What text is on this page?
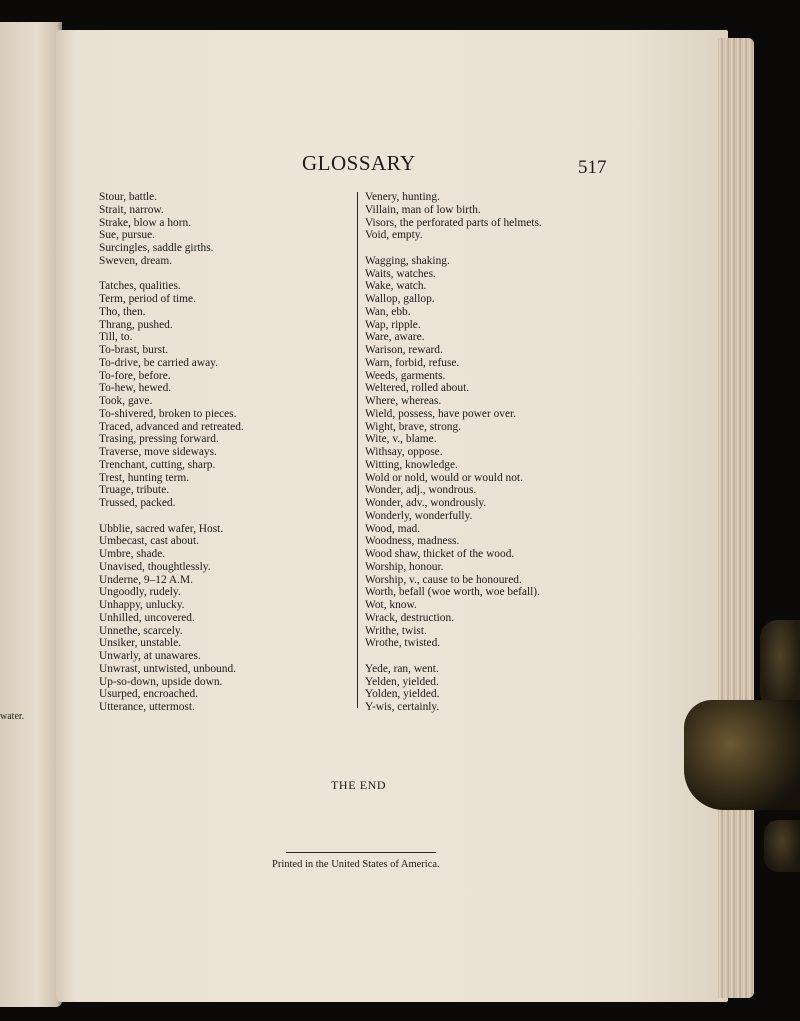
water.
GLOSSARY	517
Stour, battle.
Strait, narrow.
Strake, blow a horn.
Sue, pursue.
Surcingles, saddle girths.
Sweven, dream.
Tatches, qualities.
Term, period of time.
Tho, then.
Thrang, pushed.
Till, to.
To-brast, burst.
To-drive, be carried away.
To-fore, before.
To-hew, hewed.
Took, gave.
To-shivered, broken to pieces.
Traced, advanced and retreated.
Trasing, pressing forward.
Traverse, move sideways.
Trenchant, cutting, sharp.
Trest, hunting term.
Truage, tribute.
Trussed, packed.
Ubblie, sacred wafer, Host.
Umbecast, cast about.
Umbre, shade.
Unavised, thoughtlessly.
Underne, 9–12 A.M.
Ungoodly, rudely.
Unhappy, unlucky.
Unhilled, uncovered.
Unnethe, scarcely.
Unsiker, unstable.
Unwarly, at unawares.
Unwrast, untwisted, unbound.
Up-so-down, upside down.
Usurped, encroached.
Utterance, uttermost.
Venery, hunting.
Villain, man of low birth.
Visors, the perforated parts of helmets.
Void, empty.
Wagging, shaking.
Waits, watches.
Wake, watch.
Wallop, gallop.
Wan, ebb.
Wap, ripple.
Ware, aware.
Warison, reward.
Warn, forbid, refuse.
Weeds, garments.
Weltered, rolled about.
Where, whereas.
Wield, possess, have power over.
Wight, brave, strong.
Wite, v., blame.
Withsay, oppose.
Witting, knowledge.
Wold or nold, would or would not.
Wonder, adj., wondrous.
Wonder, adv., wondrously.
Wonderly, wonderfully.
Wood, mad.
Woodness, madness.
Wood shaw, thicket of the wood.
Worship, honour.
Worship, v., cause to be honoured.
Worth, befall (woe worth, woe befall).
Wot, know.
Wrack, destruction.
Writhe, twist.
Wrothe, twisted.
Yede, ran, went.
Yelden, yielded.
Yolden, yielded.
Y-wis, certainly.
THE END
Printed in the United States of America.
